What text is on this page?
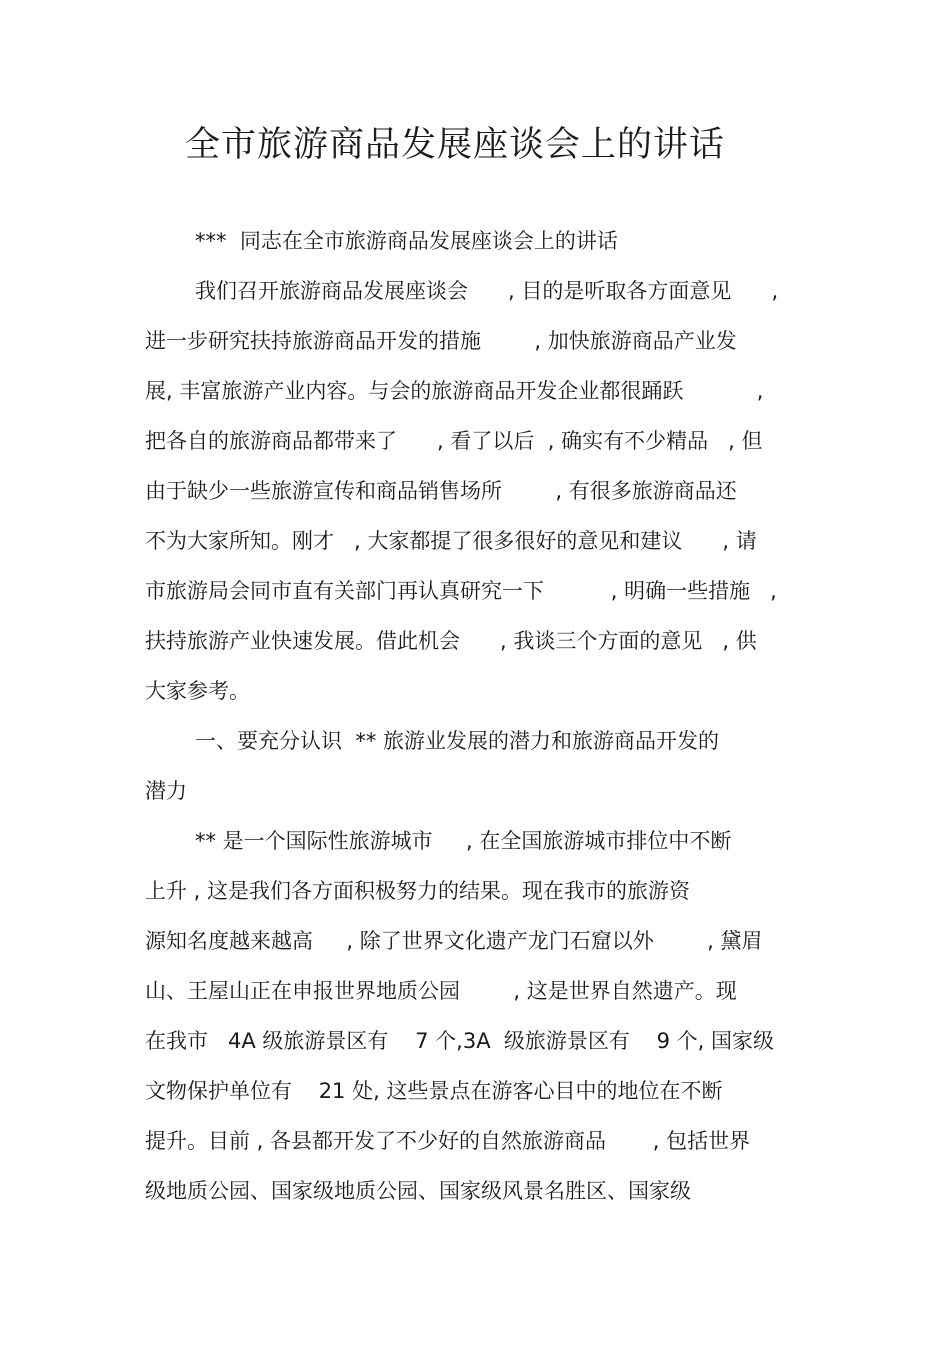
全市旅游商品发展座谈会上的讲话
***  同志在全市旅游商品发展座谈会上的讲话
我们召开旅游商品发展座谈会      , 目的是听取各方面意见      ,
进一步研究扶持旅游商品开发的措施        , 加快旅游商品产业发
展, 丰富旅游产业内容。与会的旅游商品开发企业都很踊跃           ,
把各自的旅游商品都带来了      , 看了以后  , 确实有不少精品   , 但
由于缺少一些旅游宣传和商品销售场所        , 有很多旅游商品还
不为大家所知。刚才   , 大家都提了很多很好的意见和建议      , 请
市旅游局会同市直有关部门再认真研究一下          , 明确一些措施   ,
扶持旅游产业快速发展。借此机会      , 我谈三个方面的意见   , 供
大家参考。
一、要充分认识  ** 旅游业发展的潜力和旅游商品开发的
潜力
** 是一个国际性旅游城市     , 在全国旅游城市排位中不断
上升 , 这是我们各方面积极努力的结果。现在我市的旅游资
源知名度越来越高     , 除了世界文化遗产龙门石窟以外        , 黛眉
山、王屋山正在申报世界地质公园        , 这是世界自然遗产。现
在我市   4A 级旅游景区有    7 个,3A  级旅游景区有    9 个, 国家级
文物保护单位有    21 处, 这些景点在游客心目中的地位在不断
提升。目前 , 各县都开发了不少好的自然旅游商品       , 包括世界
级地质公园、国家级地质公园、国家级风景名胜区、国家级
